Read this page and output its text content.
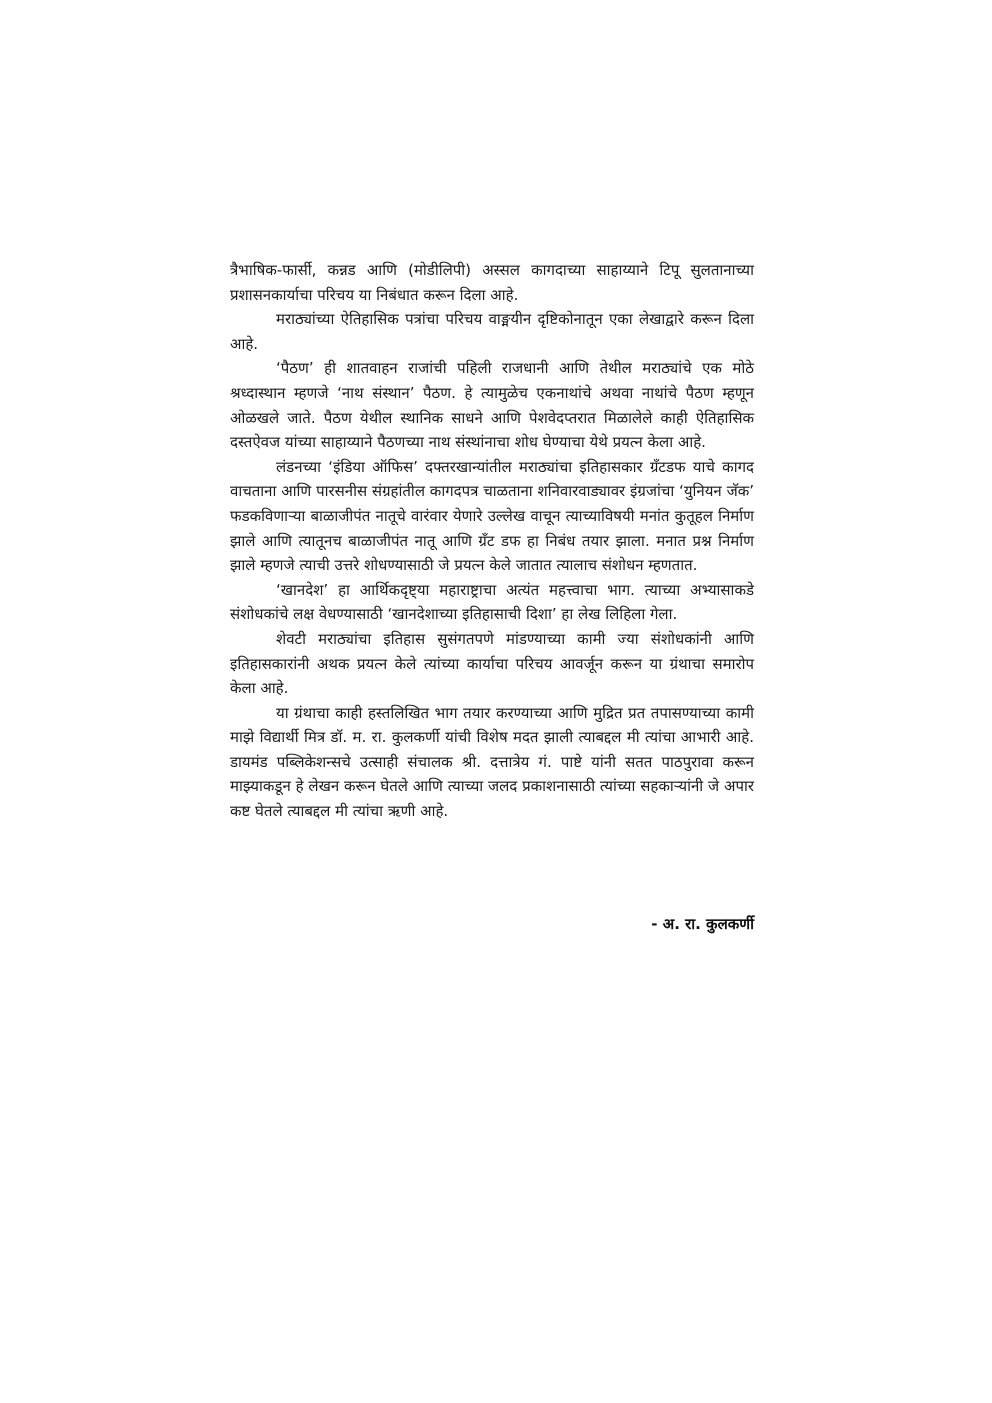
त्रैभाषिक-फार्सी, कन्नड आणि (मोडीलिपी) अस्सल कागदाच्या साहाय्याने टिपू सुलतानाच्या प्रशासनकार्याचा परिचय या निबंधात करून दिला आहे.

मराठ्यांच्या ऐतिहासिक पत्रांचा परिचय वाङ्मयीन दृष्टिकोनातून एका लेखाद्वारे करून दिला आहे.

‘पैठण’ ही शातवाहन राजांची पहिली राजधानी आणि तेथील मराठ्यांचे एक मोठे श्रध्दास्थान म्हणजे ‘नाथ संस्थान’ पैठण. हे त्यामुळेच एकनाथांचे अथवा नाथांचे पैठण म्हणून ओळखले जाते. पैठण येथील स्थानिक साधने आणि पेशवेदप्तरात मिळालेले काही ऐतिहासिक दस्तऐवज यांच्या साहाय्याने पैठणच्या नाथ संस्थांनाचा शोध घेण्याचा येथे प्रयत्न केला आहे.

लंडनच्या ‘इंडिया ऑफिस’ दफ्तरखान्यांतील मराठ्यांचा इतिहासकार ग्रँटडफ याचे कागद वाचताना आणि पारसनीस संग्रहांतील कागदपत्र चाळताना शनिवारवाड्यावर इंग्रजांचा ‘युनियन जॅक’ फडकविणाऱ्या बाळाजीपंत नातूचे वारंवार येणारे उल्लेख वाचून त्याच्याविषयी मनांत कुतूहल निर्माण झाले आणि त्यातूनच बाळाजीपंत नातू आणि ग्रँट डफ हा निबंध तयार झाला. मनात प्रश्न निर्माण झाले म्हणजे त्याची उत्तरे शोधण्यासाठी जे प्रयत्न केले जातात त्यालाच संशोधन म्हणतात.

‘खानदेश’ हा आर्थिकदृष्ट्या महाराष्ट्राचा अत्यंत महत्त्वाचा भाग. त्याच्या अभ्यासाकडे संशोधकांचे लक्ष वेधण्यासाठी ‘खानदेशाच्या इतिहासाची दिशा’ हा लेख लिहिला गेला.

शेवटी मराठ्यांचा इतिहास सुसंगतपणे मांडण्याच्या कामी ज्या संशोधकांनी आणि इतिहासकारांनी अथक प्रयत्न केले त्यांच्या कार्याचा परिचय आवर्जून करून या ग्रंथाचा समारोप केला आहे.

या ग्रंथाचा काही हस्तलिखित भाग तयार करण्याच्या आणि मुद्रित प्रत तपासण्याच्या कामी माझे विद्यार्थी मित्र डॉ. म. रा. कुलकर्णी यांची विशेष मदत झाली त्याबद्दल मी त्यांचा आभारी आहे. डायमंड पब्लिकेशन्सचे उत्साही संचालक श्री. दत्तात्रेय गं. पाष्टे यांनी सतत पाठपुरावा करून माझ्याकडून हे लेखन करून घेतले आणि त्याच्या जलद प्रकाशनासाठी त्यांच्या सहकाऱ्यांनी जे अपार कष्ट घेतले त्याबद्दल मी त्यांचा ऋणी आहे.

- अ. रा. कुलकर्णी
